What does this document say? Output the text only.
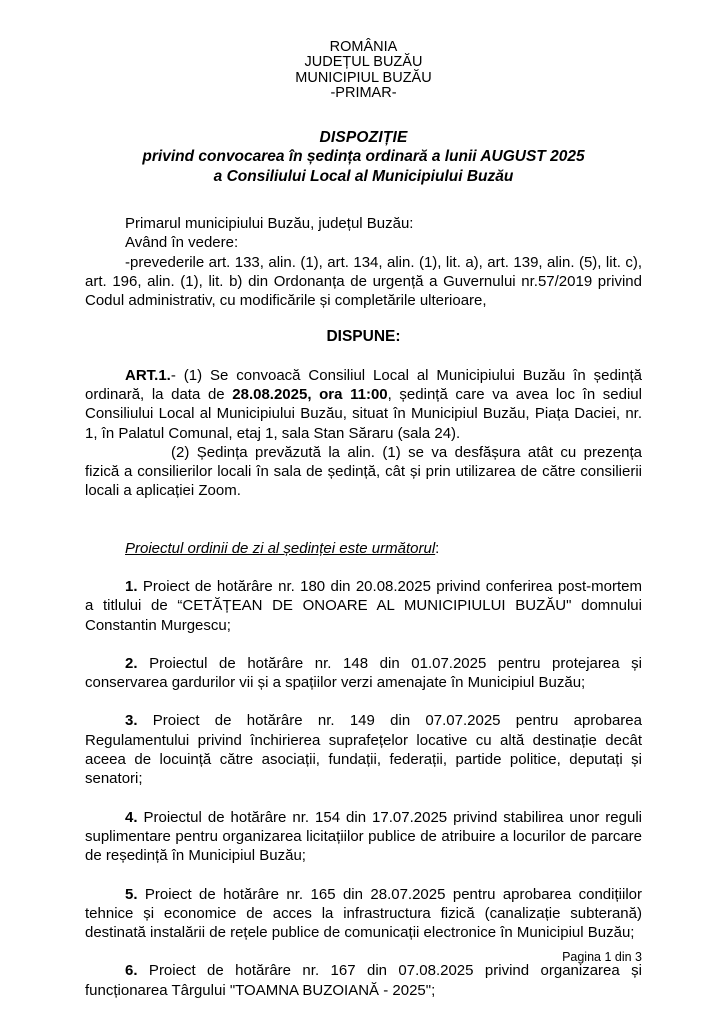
ROMÂNIA
JUDEȚUL BUZĂU
MUNICIPIUL BUZĂU
-PRIMAR-
DISPOZIȚIE
privind convocarea în ședința ordinară a lunii AUGUST 2025
a Consiliului Local al Municipiului Buzău

Primarul municipiului Buzău, județul Buzău:

Având în vedere:

-prevederile art. 133, alin. (1), art. 134, alin. (1), lit. a), art. 139, alin. (5), lit. c), art. 196, alin. (1), lit. b) din Ordonanța de urgență a Guvernului nr.57/2019 privind Codul administrativ, cu modificările și completările ulterioare,

DISPUNE:

ART.1.- (1) Se convoacă Consiliul Local al Municipiului Buzău în ședință ordinară, la data de 28.08.2025, ora 11:00, ședință care va avea loc în sediul Consiliului Local al Municipiului Buzău, situat în Municipiul Buzău, Piața Daciei, nr. 1, în Palatul Comunal, etaj 1, sala Stan Săraru (sala 24).

(2) Ședința prevăzută la alin. (1) se va desfășura atât cu prezența fizică a consilierilor locali în sala de ședință, cât și prin utilizarea de către consilierii locali a aplicației Zoom.

Proiectul ordinii de zi al ședinței este următorul:

1. Proiect de hotărâre nr. 180 din 20.08.2025 privind conferirea post-mortem a titlului de “CETĂȚEAN DE ONOARE AL MUNICIPIULUI BUZĂU" domnului Constantin Murgescu;

2. Proiectul de hotărâre nr. 148 din 01.07.2025 pentru protejarea și conservarea gardurilor vii și a spațiilor verzi amenajate în Municipiul Buzău;

3. Proiect de hotărâre nr. 149 din 07.07.2025 pentru aprobarea Regulamentului privind închirierea suprafețelor locative cu altă destinație decât aceea de locuință către asociații, fundații, federații, partide politice, deputați și senatori;

4. Proiectul de hotărâre nr. 154 din 17.07.2025 privind stabilirea unor reguli suplimentare pentru organizarea licitațiilor publice de atribuire a locurilor de parcare de reședință în Municipiul Buzău;

5. Proiect de hotărâre nr. 165 din 28.07.2025 pentru aprobarea condițiilor tehnice și economice de acces la infrastructura fizică (canalizație subterană) destinată instalării de rețele publice de comunicații electronice în Municipiul Buzău;

6. Proiect de hotărâre nr. 167 din 07.08.2025 privind organizarea și funcționarea Târgului "TOAMNA BUZOIANĂ - 2025";

Pagina 1 din 3
